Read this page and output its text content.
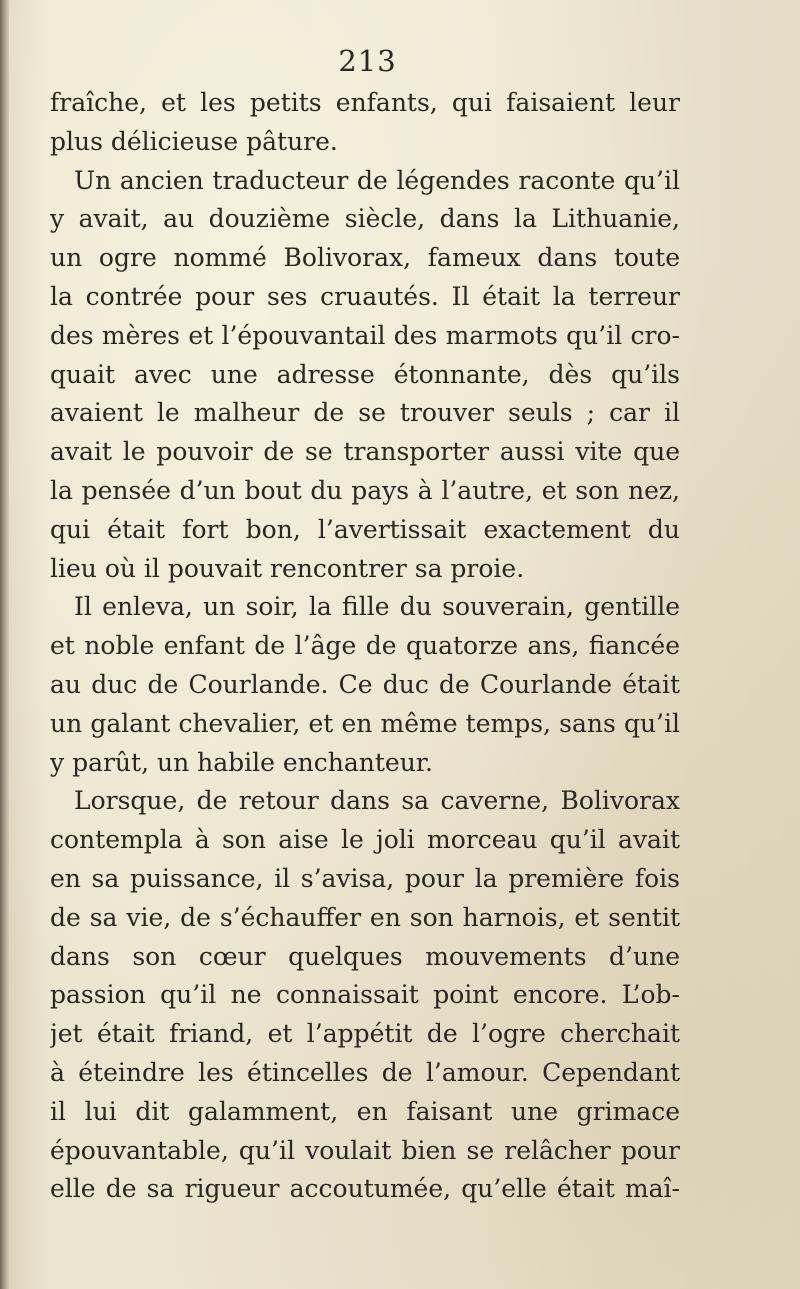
213
fraîche, et les petits enfants, qui faisaient leur
plus délicieuse pâture.
Un ancien traducteur de légendes raconte qu’il
y avait, au douzième siècle, dans la Lithuanie,
un ogre nommé Bolivorax, fameux dans toute
la contrée pour ses cruautés. Il était la terreur
des mères et l’épouvantail des marmots qu’il cro-
quait avec une adresse étonnante, dès qu’ils
avaient le malheur de se trouver seuls ; car il
avait le pouvoir de se transporter aussi vite que
la pensée d’un bout du pays à l’autre, et son nez,
qui était fort bon, l’avertissait exactement du
lieu où il pouvait rencontrer sa proie.
Il enleva, un soir, la fille du souverain, gentille
et noble enfant de l’âge de quatorze ans, fiancée
au duc de Courlande. Ce duc de Courlande était
un galant chevalier, et en même temps, sans qu’il
y parût, un habile enchanteur.
Lorsque, de retour dans sa caverne, Bolivorax
contempla à son aise le joli morceau qu’il avait
en sa puissance, il s’avisa, pour la première fois
de sa vie, de s’échauffer en son harnois, et sentit
dans son cœur quelques mouvements d’une
passion qu’il ne connaissait point encore. L’ob-
jet était friand, et l’appétit de l’ogre cherchait
à éteindre les étincelles de l’amour. Cependant
il lui dit galamment, en faisant une grimace
épouvantable, qu’il voulait bien se relâcher pour
elle de sa rigueur accoutumée, qu’elle était maî-
